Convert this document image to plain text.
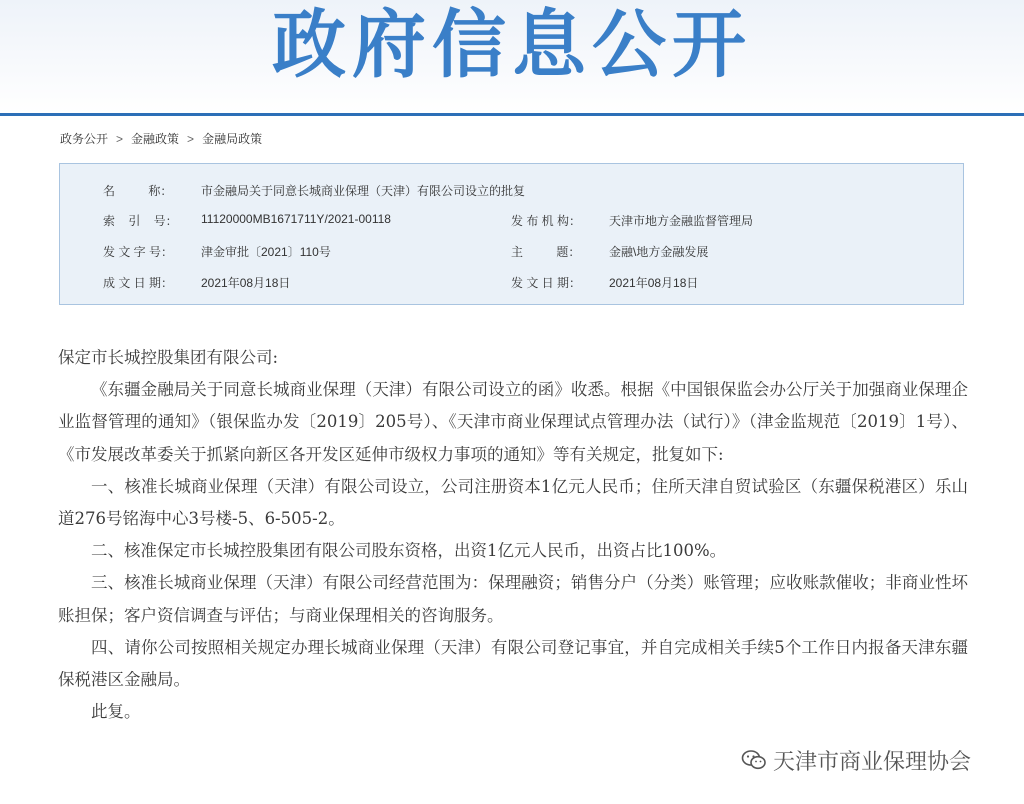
政府信息公开
政务公开 > 金融政策 > 金融局政策
名          称： 市金融局关于同意长城商业保理（天津）有限公司设立的批复
索    引    号： 11120000MB1671711Y/2021-00118	发 布 机 构： 天津市地方金融监督管理局
发 文 字 号： 津金审批〔2021〕110号	主          题： 金融\地方金融发展
成 文 日 期： 2021年08月18日	发 文 日 期： 2021年08月18日

保定市长城控股集团有限公司:

《东疆金融局关于同意长城商业保理（天津）有限公司设立的函》收悉。根据《中国银保监会办公厅关于加强商业保理企业监督管理的通知》（银保监办发〔2019〕205号）、《天津市商业保理试点管理办法（试行）》（津金监规范〔2019〕1号）、《市发展改革委关于抓紧向新区各开发区延伸市级权力事项的通知》等有关规定，批复如下:

一、核准长城商业保理（天津）有限公司设立，公司注册资本1亿元人民币；住所天津自贸试验区（东疆保税港区）乐山道276号铭海中心3号楼-5、6-505-2。

二、核准保定市长城控股集团有限公司股东资格，出资1亿元人民币，出资占比100%。

三、核准长城商业保理（天津）有限公司经营范围为：保理融资；销售分户（分类）账管理；应收账款催收；非商业性坏账担保；客户资信调查与评估；与商业保理相关的咨询服务。

四、请你公司按照相关规定办理长城商业保理（天津）有限公司登记事宜，并自完成相关手续5个工作日内报备天津东疆保税港区金融局。

此复。

天津市商业保理协会
